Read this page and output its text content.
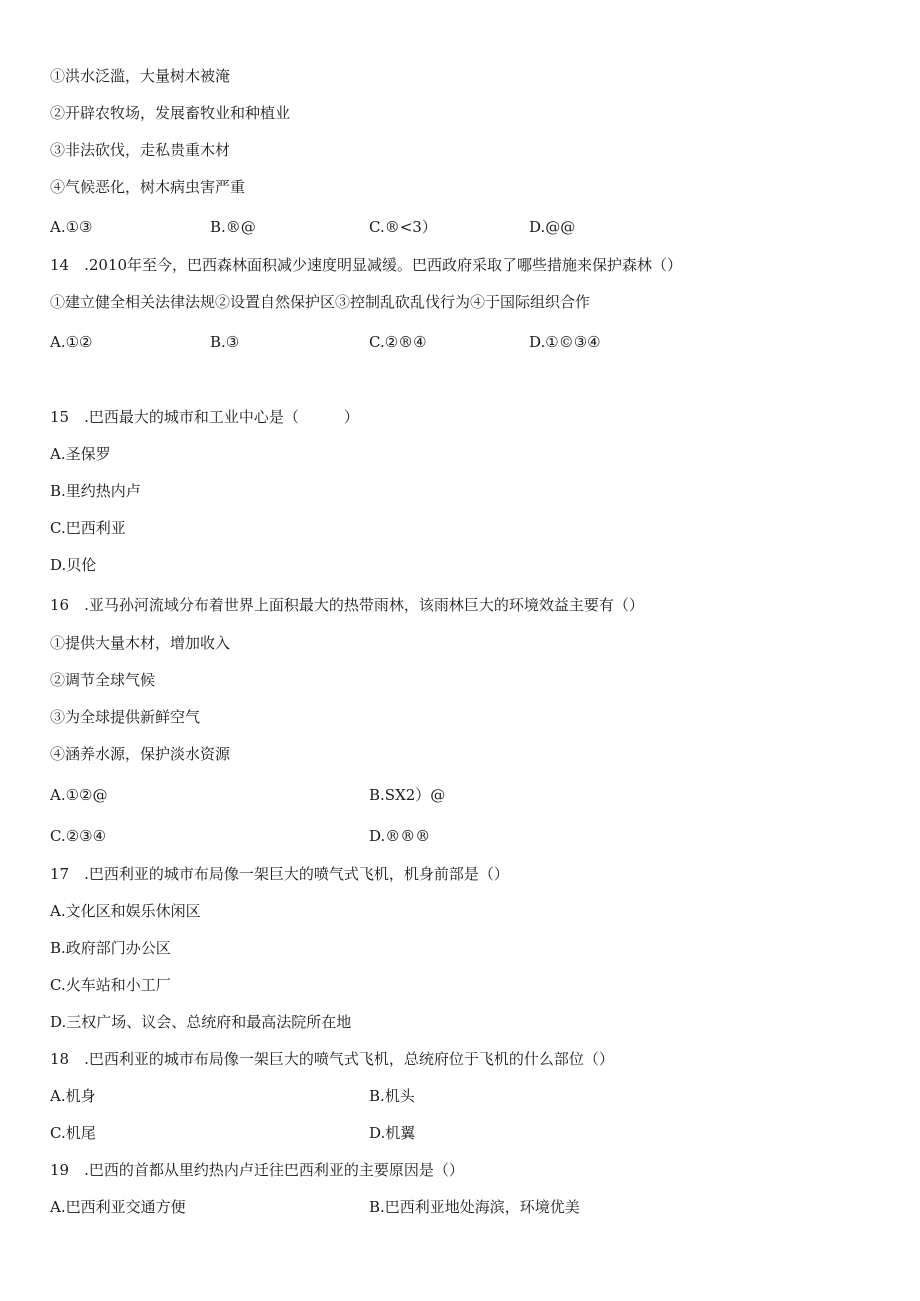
①洪水泛滥，大量树木被淹
②开辟农牧场，发展畜牧业和种植业
③非法砍伐，走私贵重木材
④气候恶化，树木病虫害严重
A.①③	B.®@	C.®<3）	D.@@
14　.2010年至今，巴西森林面积减少速度明显减缓。巴西政府采取了哪些措施来保护森林（）
①建立健全相关法律法规②设置自然保护区③控制乱砍乱伐行为④于国际组织合作
A.①②	B.③	C.②®④	D.①©③④
15　.巴西最大的城市和工业中心是（　　　）
A.圣保罗
B.里约热内卢
C.巴西利亚
D.贝伦
16　.亚马孙河流域分布着世界上面积最大的热带雨林，该雨林巨大的环境效益主要有（）
①提供大量木材，增加收入
②调节全球气候
③为全球提供新鲜空气
④涵养水源，保护淡水资源
A.①②@	B.SX2）@
C.②③④	D.®®®
17　.巴西利亚的城市布局像一架巨大的喷气式飞机，机身前部是（）
A.文化区和娱乐休闲区
B.政府部门办公区
C.火车站和小工厂
D.三权广场、议会、总统府和最高法院所在地
18　.巴西利亚的城市布局像一架巨大的喷气式飞机，总统府位于飞机的什么部位（）
A.机身	B.机头
C.机尾	D.机翼
19　.巴西的首都从里约热内卢迁往巴西利亚的主要原因是（）
A.巴西利亚交通方便	B.巴西利亚地处海滨，环境优美
